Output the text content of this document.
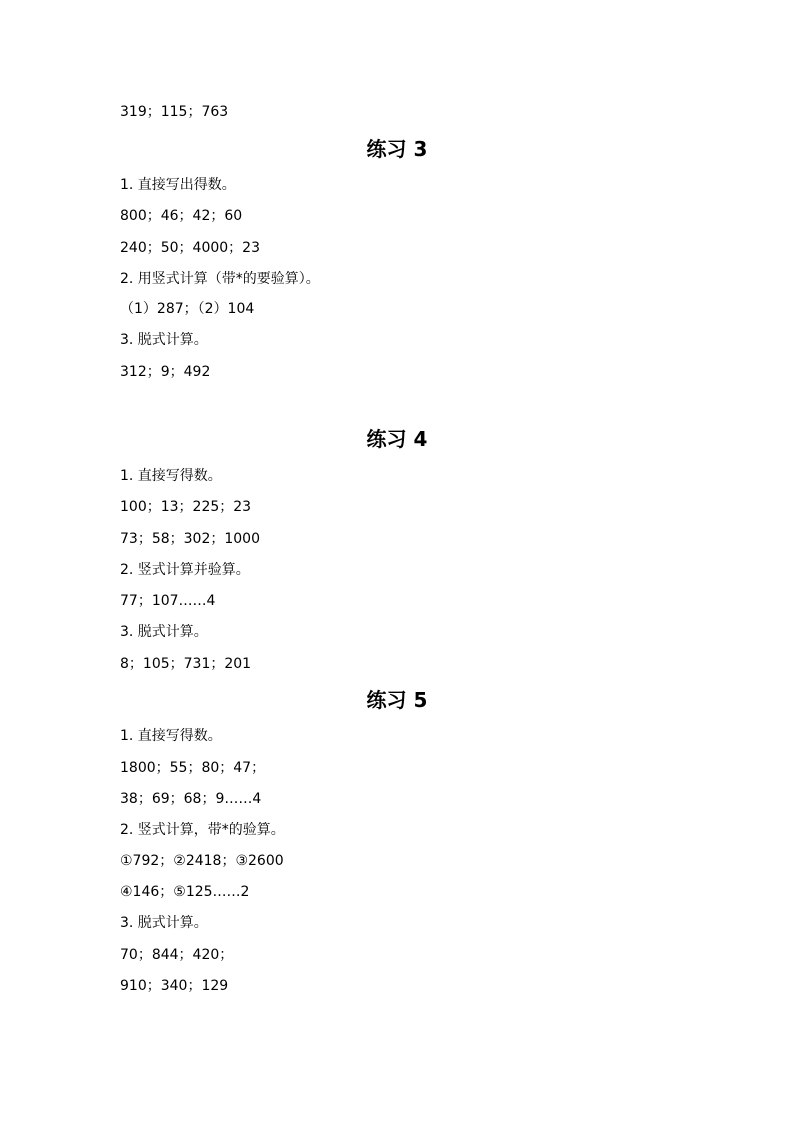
319；115；763
练习 3
1. 直接写出得数。
800；46；42；60
240；50；4000；23
2. 用竖式计算（带*的要验算）。
（1）287；（2）104
3. 脱式计算。
312；9；492
练习 4
1. 直接写得数。
100；13；225；23
73；58；302；1000
2. 竖式计算并验算。
77；107……4
3. 脱式计算。
8；105；731；201
练习 5
1. 直接写得数。
1800；55；80；47；
38；69；68；9……4
2. 竖式计算，带*的验算。
①792；②2418；③2600
④146；⑤125……2
3. 脱式计算。
70；844；420；
910；340；129
